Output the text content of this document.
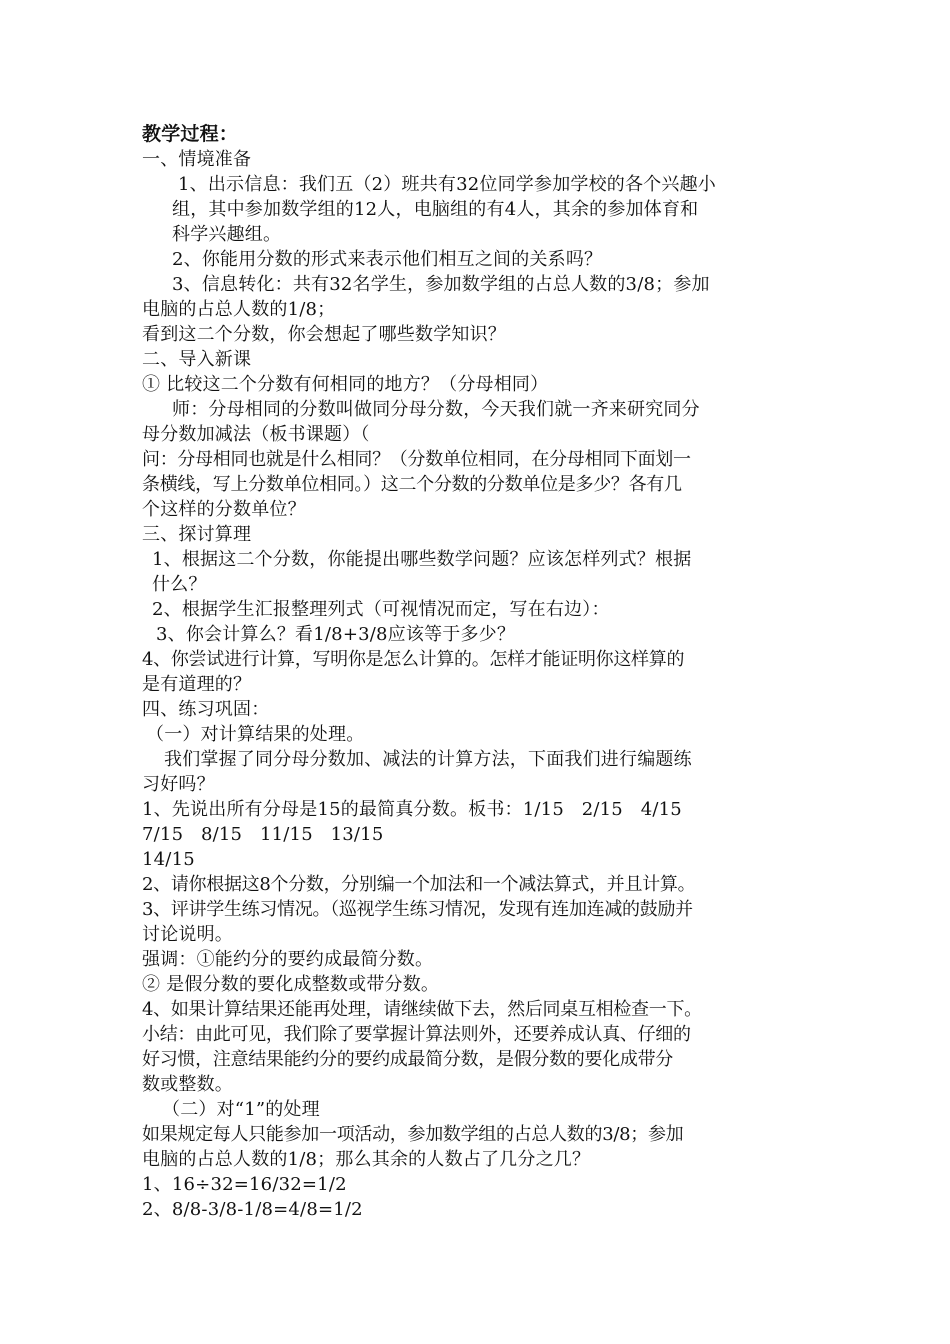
教学过程：
一、情境准备
1、出示信息：我们五（2）班共有32位同学参加学校的各个兴趣小
组，其中参加数学组的12人，电脑组的有4人，其余的参加体育和
科学兴趣组。
2、你能用分数的形式来表示他们相互之间的关系吗？
3、信息转化：共有32名学生，参加数学组的占总人数的3/8；参加
电脑的占总人数的1/8；
看到这二个分数，你会想起了哪些数学知识？
二、导入新课
① 比较这二个分数有何相同的地方？（分母相同）
师：分母相同的分数叫做同分母分数，今天我们就一齐来研究同分
母分数加减法（板书课题）（
问：分母相同也就是什么相同？（分数单位相同，在分母相同下面划一
条横线，写上分数单位相同。）这二个分数的分数单位是多少？各有几
个这样的分数单位？
三、探讨算理
1、根据这二个分数，你能提出哪些数学问题？应该怎样列式？根据
什么？
2、根据学生汇报整理列式（可视情况而定，写在右边）：
3、你会计算么？看1/8+3/8应该等于多少？
4、你尝试进行计算，写明你是怎么计算的。怎样才能证明你这样算的
是有道理的？
四、练习巩固：
（一）对计算结果的处理。
我们掌握了同分母分数加、减法的计算方法，下面我们进行编题练
习好吗？
1、先说出所有分母是15的最简真分数。板书：1/15   2/15   4/15
7/15   8/15   11/15   13/15
14/15
2、请你根据这8个分数，分别编一个加法和一个减法算式，并且计算。
3、评讲学生练习情况。（巡视学生练习情况，发现有连加连减的鼓励并
讨论说明。
强调：①能约分的要约成最简分数。
② 是假分数的要化成整数或带分数。
4、如果计算结果还能再处理，请继续做下去，然后同桌互相检查一下。
小结：由此可见，我们除了要掌握计算法则外，还要养成认真、仔细的
好习惯，注意结果能约分的要约成最简分数，是假分数的要化成带分
数或整数。
（二）对“1”的处理
如果规定每人只能参加一项活动，参加数学组的占总人数的3/8；参加
电脑的占总人数的1/8；那么其余的人数占了几分之几？
1、16÷32=16/32=1/2
2、8/8-3/8-1/8=4/8=1/2
